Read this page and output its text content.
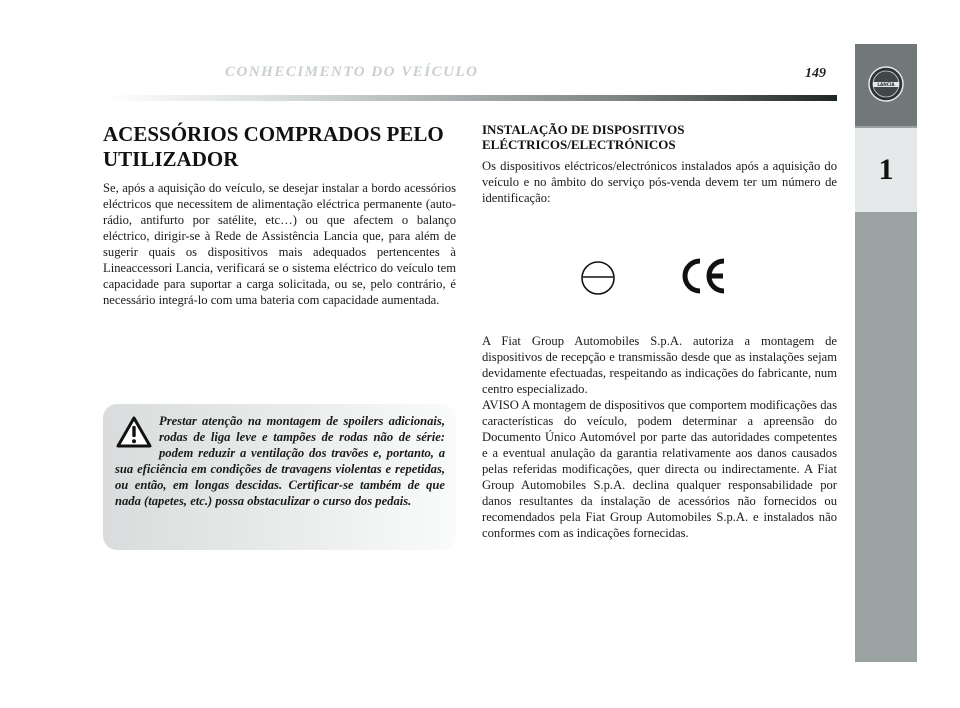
CONHECIMENTO DO VEÍCULO	149
LANCIA
1
ACESSÓRIOS COMPRADOS PELO
UTILIZADOR

Se, após a aquisição do veículo, se desejar instalar a bordo acessórios eléctricos que necessitem de alimentação eléctrica permanente (auto-rádio, antifurto por satélite, etc…) ou que afectem o balanço eléctrico, dirigir-se à Rede de Assistência Lancia que, para além de sugerir quais os dispositivos mais adequados pertencentes à Lineaccessori Lancia, verificará se o sistema eléctrico do veículo tem capacidade para suportar a carga solicitada, ou se, pelo contrário, é necessário integrá-lo com uma bateria com capacidade aumentada.

Prestar atenção na montagem de spoilers adicionais, rodas de liga leve e tampões de rodas não de série: podem reduzir a ventilação dos travões e, portanto, a sua eficiência em condições de travagens violentas e repetidas, ou então, em longas descidas. Certificar-se também de que nada (tapetes, etc.) possa obstaculizar o curso dos pedais.

INSTALAÇÃO DE DISPOSITIVOS
ELÉCTRICOS/ELECTRÓNICOS

Os dispositivos eléctricos/electrónicos instalados após a aquisição do veículo e no âmbito do serviço pós-venda devem ter um número de identificação:

A Fiat Group Automobiles S.p.A. autoriza a montagem de dispositivos de recepção e transmissão desde que as instalações sejam devidamente efectuadas, respeitando as indicações do fabricante, num centro especializado.

AVISO A montagem de dispositivos que comportem modificações das características do veículo, podem determinar a apreensão do Documento Único Automóvel por parte das autoridades competentes e a eventual anulação da garantia relativamente aos danos causados pelas referidas modificações, quer directa ou indirectamente. A Fiat Group Automobiles S.p.A. declina qualquer responsabilidade por danos resultantes da instalação de acessórios não fornecidos ou recomendados pela Fiat Group Automobiles S.p.A. e instalados não conformes com as indicações fornecidas.
